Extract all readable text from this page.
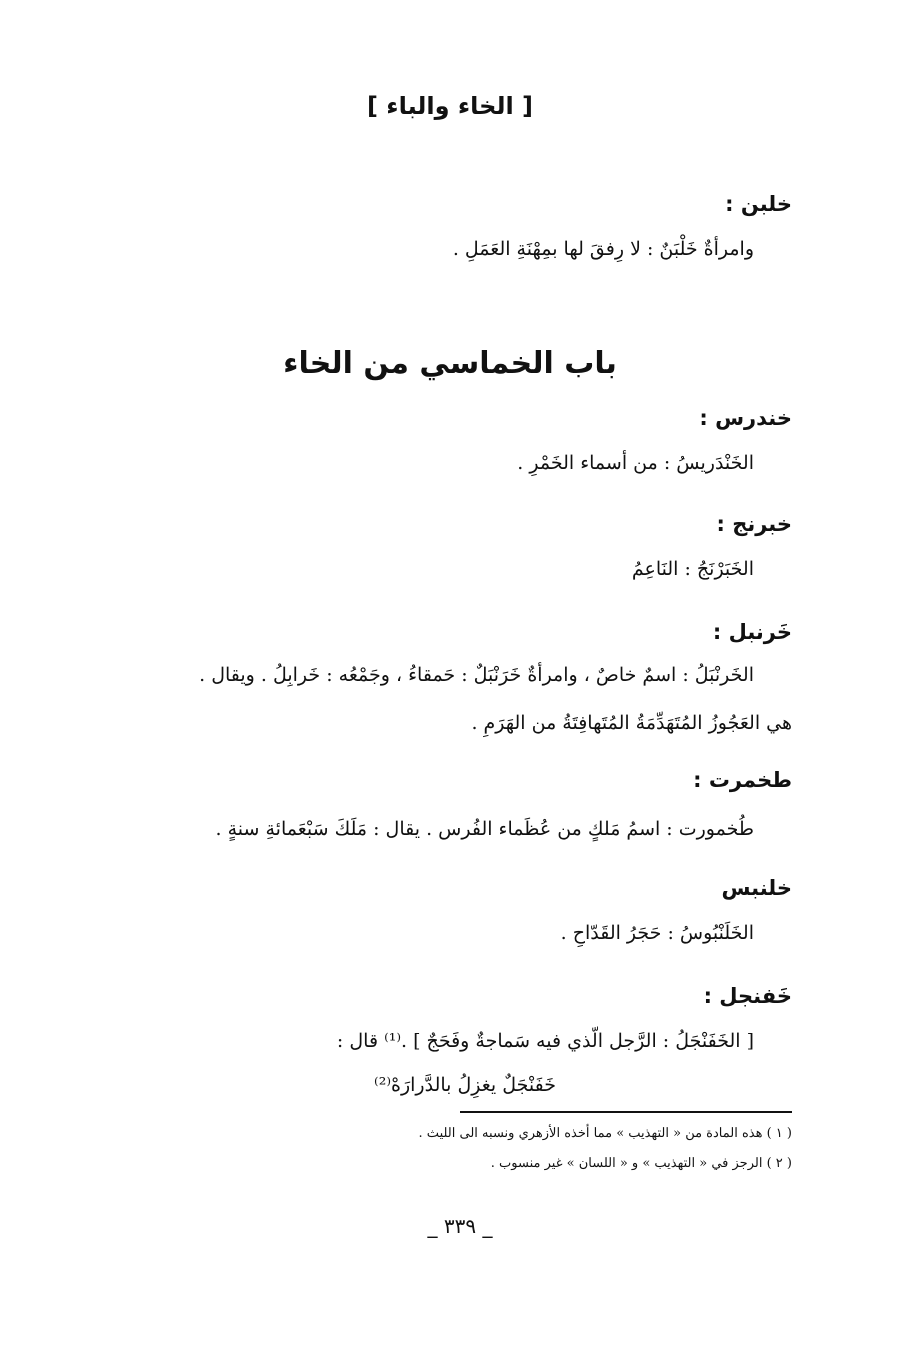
[ الخاء والباء ]
خلبن :
وامرأةٌ خَلْبَنٌ : لا رِفقَ لها بمِهْنَةِ العَمَلِ .
باب الخماسي من الخاء
خندرس :
الخَنْدَريسُ : من أسماء الخَمْرِ .
خبرنج :
الخَبَرْنَجُ : النَاعِمُ
خَرنبل :
الخَرنْبَلُ : اسمٌ خاصٌ ، وامرأةٌ خَرَنْبَلٌ : حَمقاءُ ، وجَمْعُه : خَرابِلُ . ويقال .
هي العَجُوزُ المُتَهَدِّمَةُ المُتَهافِتَةُ من الهَرَمِ .
طخمرت :
طُخمورت : اسمُ مَلكٍ من عُظَماء الفُرس . يقال : مَلَكَ سَبْعَمائةِ سنةٍ .
خلنبس
الخَلَنْبُوسُ : حَجَرُ القَدّاحِ .
خَفنجل :
[ الخَفَنْجَلُ : الرَّجل الّذي فيه سَماجةٌ وفَحَجٌ ] .⁽¹⁾ قال :
خَفَنْجَلٌ يغزِلُ بالدَّرارَهْ⁽²⁾
( ١ ) هذه المادة من « التهذيب » مما أخذه الأزهري ونسبه الى الليث .
( ٢ ) الرجز في « التهذيب » و « اللسان » غير منسوب .
_ ٣٣٩ _
